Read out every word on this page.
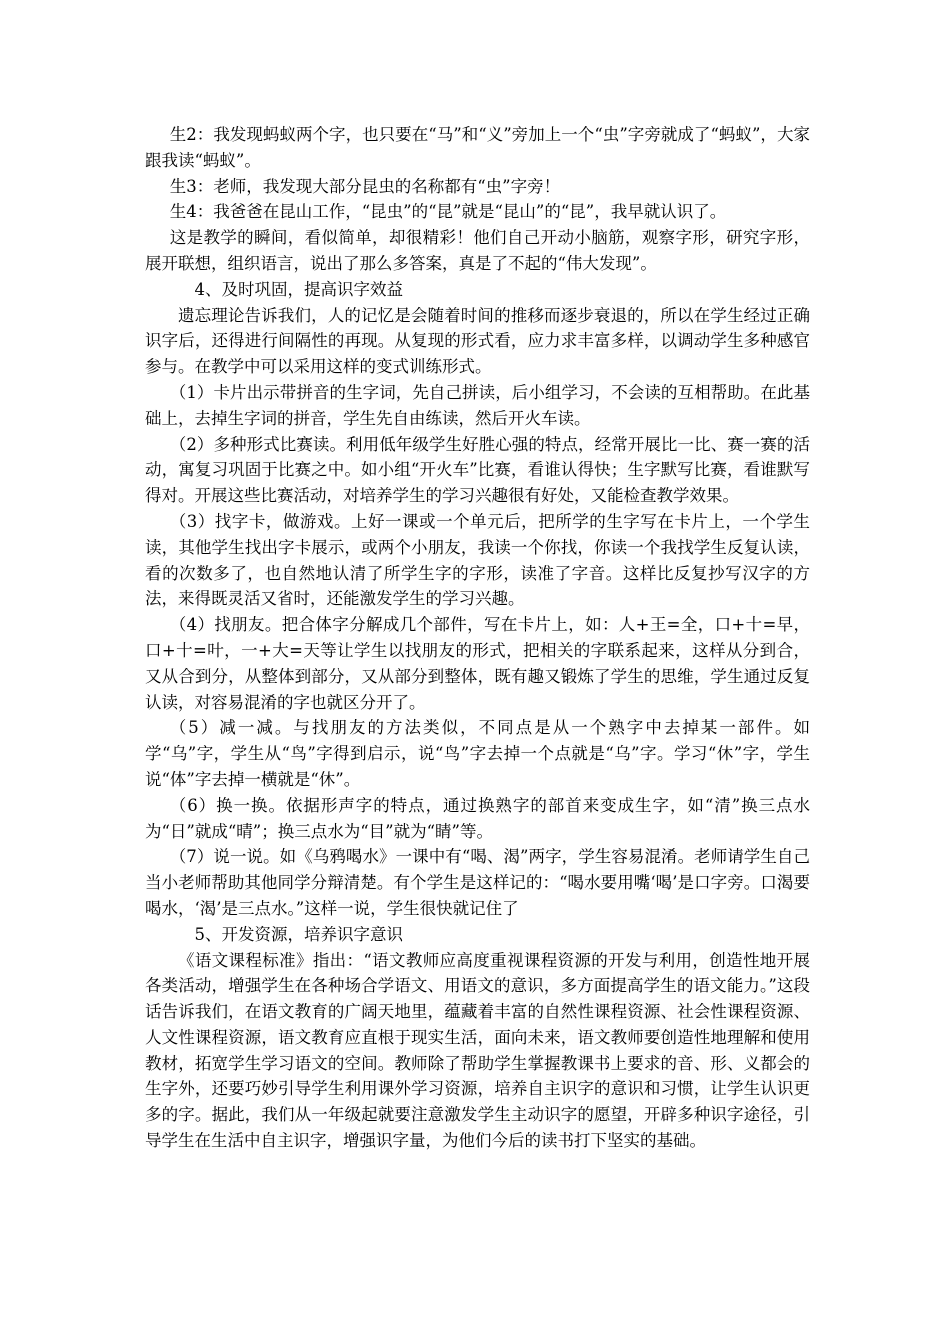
生2：我发现蚂蚁两个字，也只要在“马”和“义”旁加上一个“虫”字旁就成了“蚂蚁”，大家跟我读“蚂蚁”。

生3：老师，我发现大部分昆虫的名称都有“虫”字旁！

生4：我爸爸在昆山工作，“昆虫”的“昆”就是“昆山”的“昆”，我早就认识了。

这是教学的瞬间，看似简单，却很精彩！他们自己开动小脑筋，观察字形，研究字形，展开联想，组织语言，说出了那么多答案，真是了不起的“伟大发现”。

4、及时巩固，提高识字效益

遗忘理论告诉我们，人的记忆是会随着时间的推移而逐步衰退的，所以在学生经过正确识字后，还得进行间隔性的再现。从复现的形式看，应力求丰富多样，以调动学生多种感官参与。在教学中可以采用这样的变式训练形式。

（1）卡片出示带拼音的生字词，先自己拼读，后小组学习，不会读的互相帮助。在此基础上，去掉生字词的拼音，学生先自由练读，然后开火车读。

（2）多种形式比赛读。利用低年级学生好胜心强的特点，经常开展比一比、赛一赛的活动，寓复习巩固于比赛之中。如小组“开火车”比赛，看谁认得快；生字默写比赛，看谁默写得对。开展这些比赛活动，对培养学生的学习兴趣很有好处，又能检查教学效果。

（3）找字卡，做游戏。上好一课或一个单元后，把所学的生字写在卡片上，一个学生读，其他学生找出字卡展示，或两个小朋友，我读一个你找，你读一个我找学生反复认读，看的次数多了，也自然地认清了所学生字的字形，读准了字音。这样比反复抄写汉字的方法，来得既灵活又省时，还能激发学生的学习兴趣。

（4）找朋友。把合体字分解成几个部件，写在卡片上，如：人+王=全，口+十=早，口+十=叶，一+大=天等让学生以找朋友的形式，把相关的字联系起来，这样从分到合，又从合到分，从整体到部分，又从部分到整体，既有趣又锻炼了学生的思维，学生通过反复认读，对容易混淆的字也就区分开了。

（5）减一减。与找朋友的方法类似，不同点是从一个熟字中去掉某一部件。如学“乌”字，学生从“鸟”字得到启示，说“鸟”字去掉一个点就是“乌”字。学习“休”字，学生说“体”字去掉一横就是“休”。

（6）换一换。依据形声字的特点，通过换熟字的部首来变成生字，如“清”换三点水为“日”就成“晴”；换三点水为“目”就为“睛”等。

（7）说一说。如《乌鸦喝水》一课中有“喝、渴”两字，学生容易混淆。老师请学生自己当小老师帮助其他同学分辩清楚。有个学生是这样记的：“喝水要用嘴‘喝’是口字旁。口渴要喝水，‘渴’是三点水。”这样一说，学生很快就记住了

5、开发资源，培养识字意识

《语文课程标准》指出：“语文教师应高度重视课程资源的开发与利用，创造性地开展各类活动，增强学生在各种场合学语文、用语文的意识，多方面提高学生的语文能力。”这段话告诉我们，在语文教育的广阔天地里，蕴藏着丰富的自然性课程资源、社会性课程资源、人文性课程资源，语文教育应直根于现实生活，面向未来，语文教师要创造性地理解和使用教材，拓宽学生学习语文的空间。教师除了帮助学生掌握教课书上要求的音、形、义都会的生字外，还要巧妙引导学生利用课外学习资源，培养自主识字的意识和习惯，让学生认识更多的字。据此，我们从一年级起就要注意激发学生主动识字的愿望，开辟多种识字途径，引导学生在生活中自主识字，增强识字量，为他们今后的读书打下坚实的基础。
